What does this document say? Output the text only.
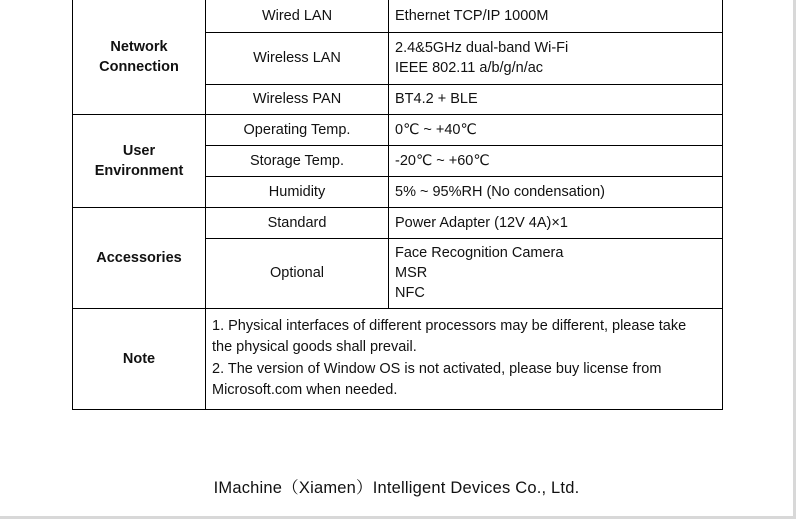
Network
Connection	Wired LAN	Ethernet TCP/IP 1000M

	Wireless LAN	2.4&5GHz dual-band Wi-Fi
IEEE 802.11 a/b/g/n/ac

	Wireless PAN	BT4.2 + BLE

User
Environment	Operating Temp.	0℃ ~ +40℃

	Storage Temp.	-20℃ ~ +60℃

	Humidity	5% ~ 95%RH (No condensation)

Accessories	Standard	Power Adapter (12V 4A)×1

	Optional	Face Recognition Camera
MSR
NFC

Note	1. Physical interfaces of different processors may be different, please take
the physical goods shall prevail.
2. The version of Window OS is not activated, please buy license from
Microsoft.com when needed.	
IMachine（Xiamen）Intelligent Devices Co., Ltd.
